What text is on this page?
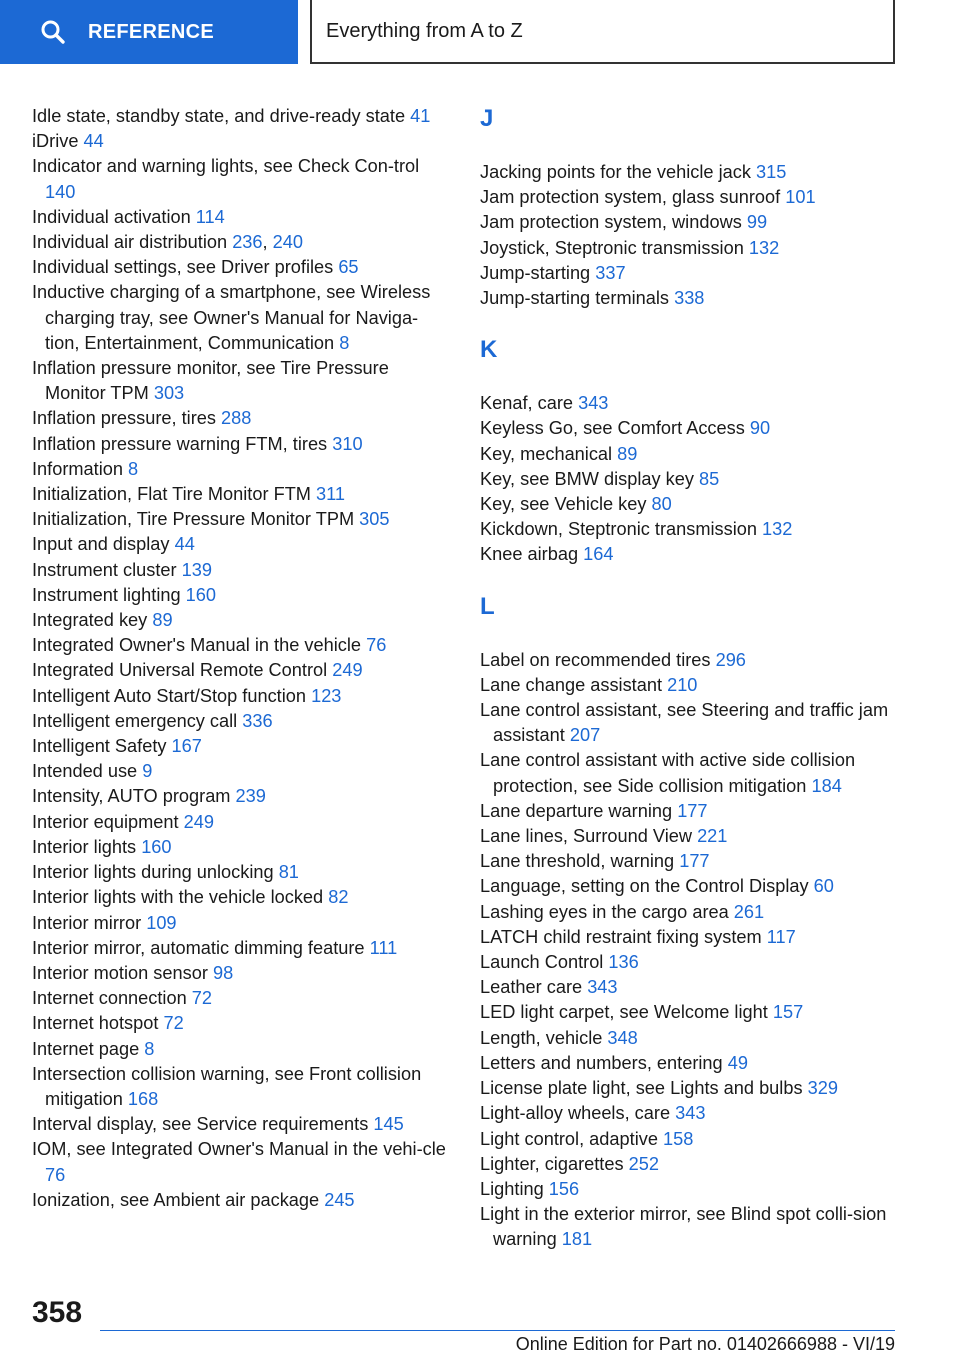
REFERENCE	Everything from A to Z
Idle state, standby state, and drive-ready state 41
iDrive 44
Indicator and warning lights, see Check Con-trol 140
Individual activation 114
Individual air distribution 236, 240
Individual settings, see Driver profiles 65
Inductive charging of a smartphone, see Wireless charging tray, see Owner's Manual for Naviga-tion, Entertainment, Communication 8
Inflation pressure monitor, see Tire Pressure Monitor TPM 303
Inflation pressure, tires 288
Inflation pressure warning FTM, tires 310
Information 8
Initialization, Flat Tire Monitor FTM 311
Initialization, Tire Pressure Monitor TPM 305
Input and display 44
Instrument cluster 139
Instrument lighting 160
Integrated key 89
Integrated Owner's Manual in the vehicle 76
Integrated Universal Remote Control 249
Intelligent Auto Start/Stop function 123
Intelligent emergency call 336
Intelligent Safety 167
Intended use 9
Intensity, AUTO program 239
Interior equipment 249
Interior lights 160
Interior lights during unlocking 81
Interior lights with the vehicle locked 82
Interior mirror 109
Interior mirror, automatic dimming feature 111
Interior motion sensor 98
Internet connection 72
Internet hotspot 72
Internet page 8
Intersection collision warning, see Front collision mitigation 168
Interval display, see Service requirements 145
IOM, see Integrated Owner's Manual in the vehi-cle 76
Ionization, see Ambient air package 245
J
Jacking points for the vehicle jack 315
Jam protection system, glass sunroof 101
Jam protection system, windows 99
Joystick, Steptronic transmission 132
Jump-starting 337
Jump-starting terminals 338
K
Kenaf, care 343
Keyless Go, see Comfort Access 90
Key, mechanical 89
Key, see BMW display key 85
Key, see Vehicle key 80
Kickdown, Steptronic transmission 132
Knee airbag 164
L
Label on recommended tires 296
Lane change assistant 210
Lane control assistant, see Steering and traffic jam assistant 207
Lane control assistant with active side collision protection, see Side collision mitigation 184
Lane departure warning 177
Lane lines, Surround View 221
Lane threshold, warning 177
Language, setting on the Control Display 60
Lashing eyes in the cargo area 261
LATCH child restraint fixing system 117
Launch Control 136
Leather care 343
LED light carpet, see Welcome light 157
Length, vehicle 348
Letters and numbers, entering 49
License plate light, see Lights and bulbs 329
Light-alloy wheels, care 343
Light control, adaptive 158
Lighter, cigarettes 252
Lighting 156
Light in the exterior mirror, see Blind spot colli-sion warning 181
358
Online Edition for Part no. 01402666988 - VI/19
